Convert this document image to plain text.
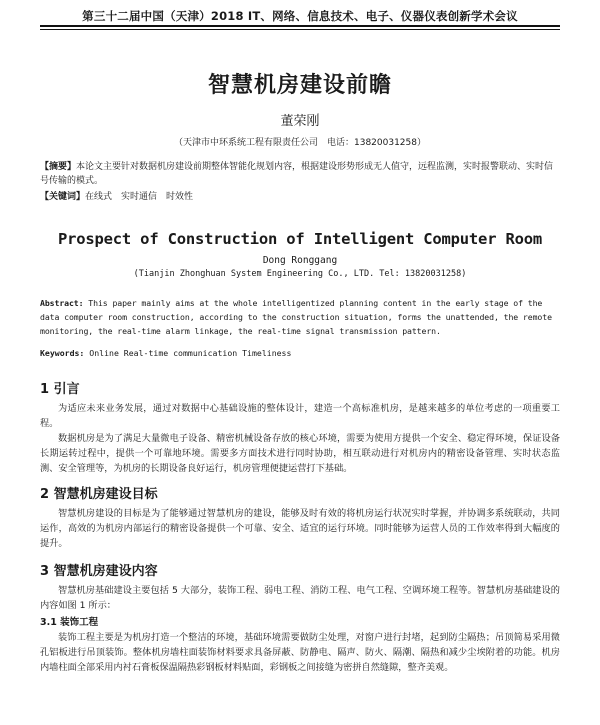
第三十二届中国（天津）2018 IT、网络、信息技术、电子、仪器仪表创新学术会议
智慧机房建设前瞻
董荣刚
（天津市中环系统工程有限责任公司　电话：13820031258）
【摘要】本论文主要针对数据机房建设前期整体智能化规划内容，根据建设形势形成无人值守，远程监测，实时报警联动、实时信号传输的模式。
【关键词】在线式　实时通信　时效性
Prospect of Construction of Intelligent Computer Room
Dong Ronggang
(Tianjin Zhonghuan System Engineering Co., LTD. Tel: 13820031258)
Abstract: This paper mainly aims at the whole intelligentized planning content in the early stage of the data computer room construction, according to the construction situation, forms the unattended, the remote monitoring, the real-time alarm linkage, the real-time signal transmission pattern.
Keywords: Online Real-time communication Timeliness
1 引言

为适应未来业务发展，通过对数据中心基础设施的整体设计，建造一个高标准机房，是越来越多的单位考虑的一项重要工程。

数据机房是为了满足大量微电子设备、精密机械设备存放的核心环境，需要为使用方提供一个安全、稳定得环境，保证设备长期运转过程中，提供一个可靠地环境。需要多方面技术进行同时协助，相互联动进行对机房内的精密设备管理、实时状态监测、安全管理等，为机房的长期设备良好运行，机房管理便捷运营打下基础。

2 智慧机房建设目标

智慧机房建设的目标是为了能够通过智慧机房的建设，能够及时有效的将机房运行状况实时掌握，并协调多系统联动，共同运作，高效的为机房内部运行的精密设备提供一个可靠、安全、适宜的运行环境。同时能够为运营人员的工作效率得到大幅度的提升。

3 智慧机房建设内容

智慧机房基础建设主要包括 5 大部分，装饰工程、弱电工程、消防工程、电气工程、空调环境工程等。智慧机房基础建设的内容如图 1 所示：

3.1 装饰工程

装饰工程主要是为机房打造一个整洁的环境，基础环境需要做防尘处理，对窗户进行封堵，起到防尘隔热；吊顶简易采用微孔铝板进行吊顶装饰。整体机房墙柱面装饰材料要求具备屏蔽、防静电、隔声、防火、隔潮、隔热和减少尘埃附着的功能。机房内墙柱面全部采用内衬石膏板保温隔热彩钢板材料贴面，彩钢板之间接缝为密拼自然缝隙，整齐美观。
